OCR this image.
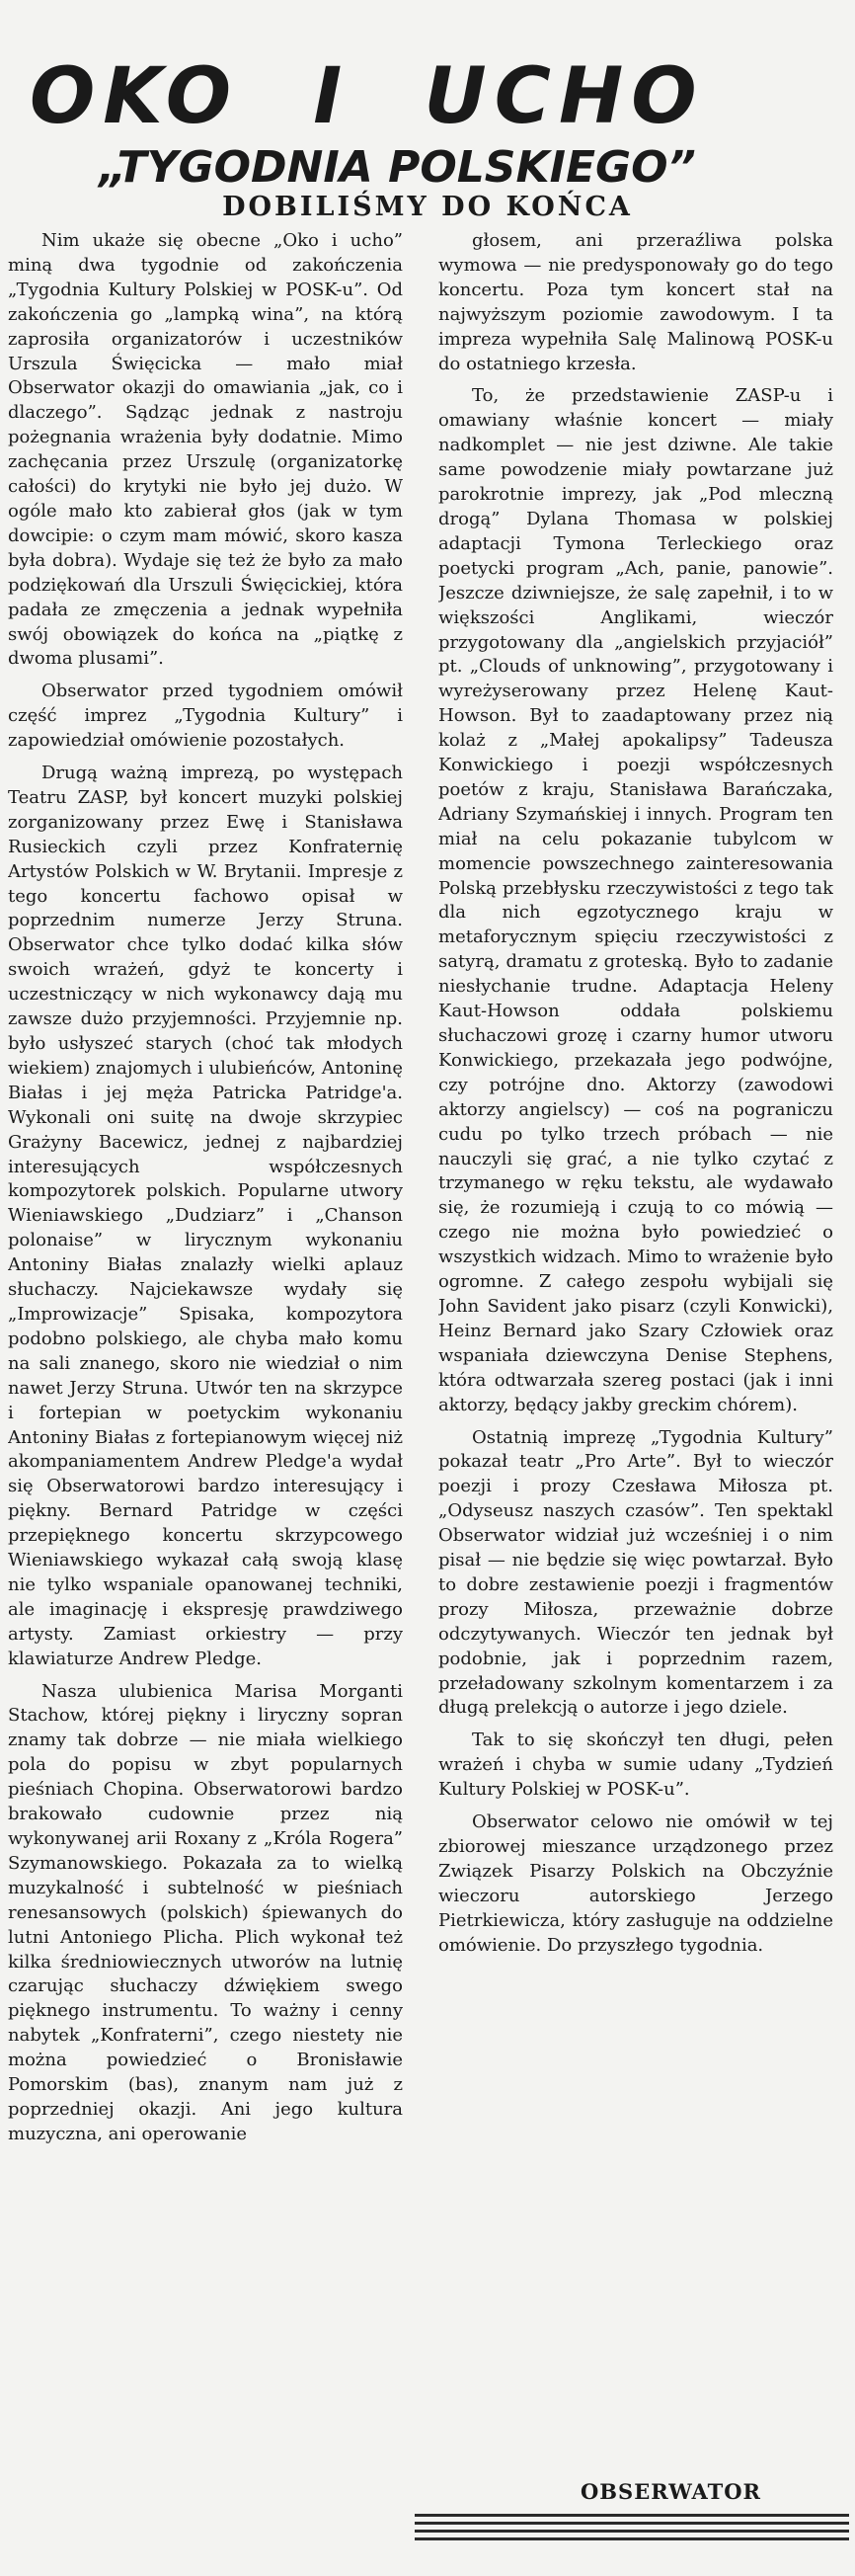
OKO I UCHO
„TYGODNIA POLSKIEGO”
DOBILIŚMY DO KOŃCA

Nim ukaże się obecne „Oko i ucho” miną dwa tygodnie od zakończenia „Tygodnia Kultury Polskiej w POSK-u”. Od zakończenia go „lampką wina”, na którą zaprosiła organizatorów i uczestników Urszula Święcicka — mało miał Obserwator okazji do omawiania „jak, co i dlaczego”. Sądząc jednak z nastroju pożegnania wrażenia były dodatnie. Mimo zachęcania przez Urszulę (organizatorkę całości) do krytyki nie było jej dużo. W ogóle mało kto zabierał głos (jak w tym dowcipie: o czym mam mówić, skoro kasza była dobra). Wydaje się też że było za mało podziękowań dla Urszuli Święcickiej, która padała ze zmęczenia a jednak wypełniła swój obowiązek do końca na „piątkę z dwoma plusami”.

Obserwator przed tygodniem omówił część imprez „Tygodnia Kultury” i zapowiedział omówienie pozostałych.

Drugą ważną imprezą, po występach Teatru ZASP, był koncert muzyki polskiej zorganizowany przez Ewę i Stanisława Rusieckich czyli przez Konfraternię Artystów Polskich w W. Brytanii. Impresje z tego koncertu fachowo opisał w poprzednim numerze Jerzy Struna. Obserwator chce tylko dodać kilka słów swoich wrażeń, gdyż te koncerty i uczestniczący w nich wykonawcy dają mu zawsze dużo przyjemności. Przyjemnie np. było usłyszeć starych (choć tak młodych wiekiem) znajomych i ulubieńców, Antoninę Białas i jej męża Patricka Patridge'a. Wykonali oni suitę na dwoje skrzypiec Grażyny Bacewicz, jednej z najbardziej interesujących współczesnych kompozytorek polskich. Popularne utwory Wieniawskiego „Dudziarz” i „Chanson polonaise” w lirycznym wykonaniu Antoniny Białas znalazły wielki aplauz słuchaczy. Najciekawsze wydały się „Improwizacje” Spisaka, kompozytora podobno polskiego, ale chyba mało komu na sali znanego, skoro nie wiedział o nim nawet Jerzy Struna. Utwór ten na skrzypce i fortepian w poetyckim wykonaniu Antoniny Białas z fortepianowym więcej niż akompaniamentem Andrew Pledge'a wydał się Obserwatorowi bardzo interesujący i piękny. Bernard Patridge w części przepięknego koncertu skrzypcowego Wieniawskiego wykazał całą swoją klasę nie tylko wspaniale opanowanej techniki, ale imaginację i ekspresję prawdziwego artysty. Zamiast orkiestry — przy klawiaturze Andrew Pledge.

Nasza ulubienica Marisa Morganti Stachow, której piękny i liryczny sopran znamy tak dobrze — nie miała wielkiego pola do popisu w zbyt popularnych pieśniach Chopina. Obserwatorowi bardzo brakowało cudownie przez nią wykonywanej arii Roxany z „Króla Rogera” Szymanowskiego. Pokazała za to wielką muzykalność i subtelność w pieśniach renesansowych (polskich) śpiewanych do lutni Antoniego Plicha. Plich wykonał też kilka średniowiecznych utworów na lutnię czarując słuchaczy dźwiękiem swego pięknego instrumentu. To ważny i cenny nabytek „Konfraterni”, czego niestety nie można powiedzieć o Bronisławie Pomorskim (bas), znanym nam już z poprzedniej okazji. Ani jego kultura muzyczna, ani operowanie

głosem, ani przeraźliwa polska wymowa — nie predysponowały go do tego koncertu. Poza tym koncert stał na najwyższym poziomie zawodowym. I ta impreza wypełniła Salę Malinową POSK-u do ostatniego krzesła.

To, że przedstawienie ZASP-u i omawiany właśnie koncert — miały nadkomplet — nie jest dziwne. Ale takie same powodzenie miały powtarzane już parokrotnie imprezy, jak „Pod mleczną drogą” Dylana Thomasa w polskiej adaptacji Tymona Terleckiego oraz poetycki program „Ach, panie, panowie”. Jeszcze dziwniejsze, że salę zapełnił, i to w większości Anglikami, wieczór przygotowany dla „angielskich przyjaciół” pt. „Clouds of unknowing”, przygotowany i wyreżyserowany przez Helenę Kaut-Howson. Był to zaadaptowany przez nią kolaż z „Małej apokalipsy” Tadeusza Konwickiego i poezji współczesnych poetów z kraju, Stanisława Barańczaka, Adriany Szymańskiej i innych. Program ten miał na celu pokazanie tubylcom w momencie powszechnego zainteresowania Polską przebłysku rzeczywistości z tego tak dla nich egzotycznego kraju w metaforycznym spięciu rzeczywistości z satyrą, dramatu z groteską. Było to zadanie niesłychanie trudne. Adaptacja Heleny Kaut-Howson oddała polskiemu słuchaczowi grozę i czarny humor utworu Konwickiego, przekazała jego podwójne, czy potrójne dno. Aktorzy (zawodowi aktorzy angielscy) — coś na pograniczu cudu po tylko trzech próbach — nie nauczyli się grać, a nie tylko czytać z trzymanego w ręku tekstu, ale wydawało się, że rozumieją i czują to co mówią — czego nie można było powiedzieć o wszystkich widzach. Mimo to wrażenie było ogromne. Z całego zespołu wybijali się John Savident jako pisarz (czyli Konwicki), Heinz Bernard jako Szary Człowiek oraz wspaniała dziewczyna Denise Stephens, która odtwarzała szereg postaci (jak i inni aktorzy, będący jakby greckim chórem).

Ostatnią imprezę „Tygodnia Kultury” pokazał teatr „Pro Arte”. Był to wieczór poezji i prozy Czesława Miłosza pt. „Odyseusz naszych czasów”. Ten spektakl Obserwator widział już wcześniej i o nim pisał — nie będzie się więc powtarzał. Było to dobre zestawienie poezji i fragmentów prozy Miłosza, przeważnie dobrze odczytywanych. Wieczór ten jednak był podobnie, jak i poprzednim razem, przeładowany szkolnym komentarzem i za długą prelekcją o autorze i jego dziele.

Tak to się skończył ten długi, pełen wrażeń i chyba w sumie udany „Tydzień Kultury Polskiej w POSK-u”.

Obserwator celowo nie omówił w tej zbiorowej mieszance urządzonego przez Związek Pisarzy Polskich na Obczyźnie wieczoru autorskiego Jerzego Pietrkiewicza, który zasługuje na oddzielne omówienie. Do przyszłego tygodnia.

OBSERWATOR
